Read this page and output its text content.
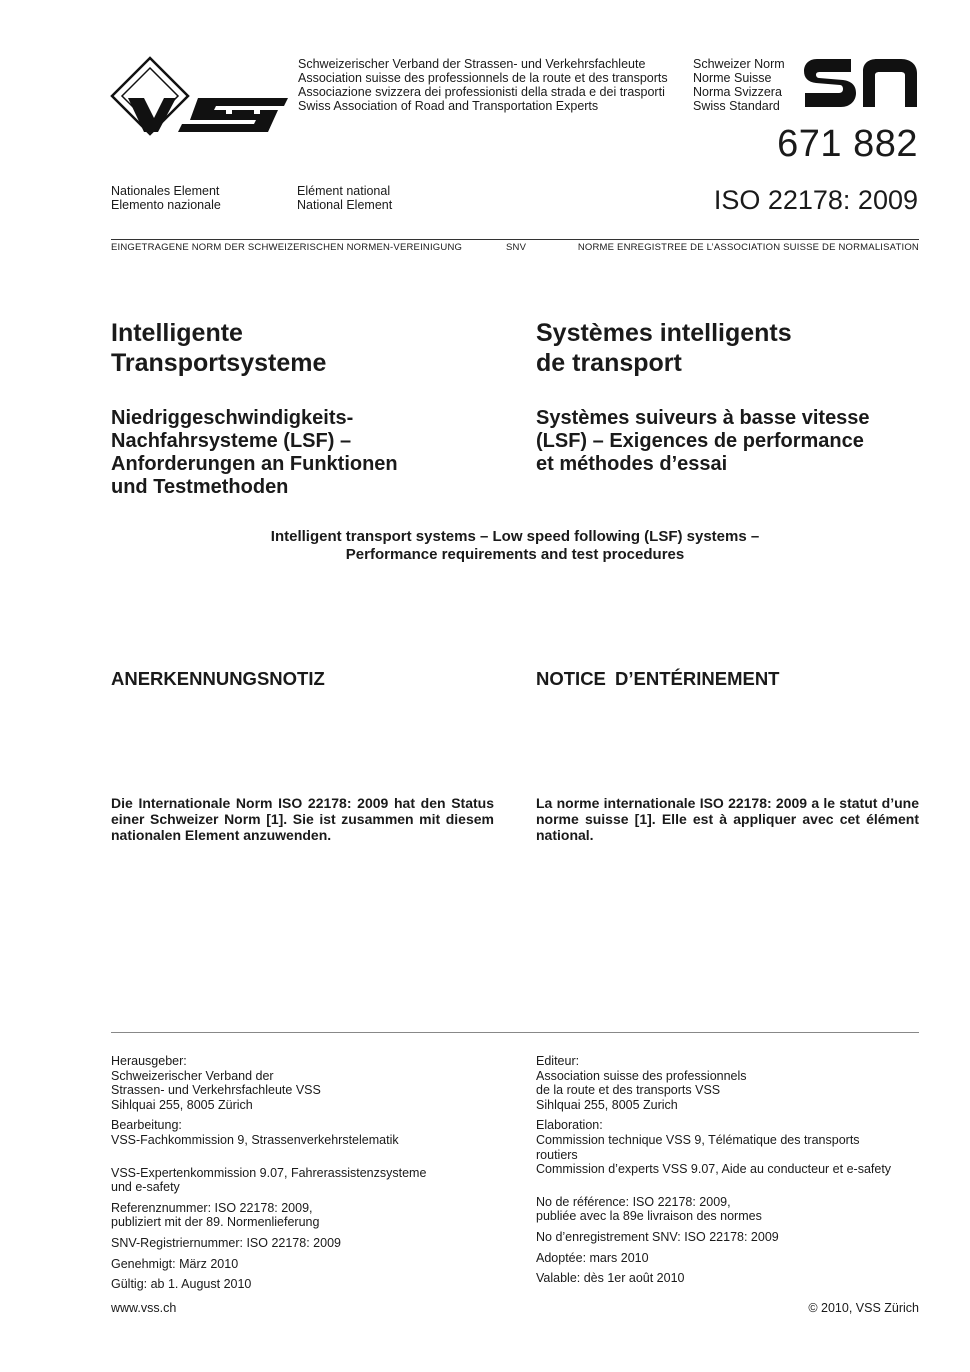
Schweizerischer Verband der Strassen- und Verkehrsfachleute
Association suisse des professionnels de la route et des transports
Associazione svizzera dei professionisti della strada e dei trasporti
Swiss Association of Road and Transportation Experts
Schweizer Norm
Norme Suisse
Norma Svizzera
Swiss Standard
671 882
ISO 22178: 2009
Nationales Element
Elemento nazionale
Elément national
National Element
EINGETRAGENE NORM DER SCHWEIZERISCHEN NORMEN-VEREINIGUNG	SNV	NORME ENREGISTREE DE L’ASSOCIATION SUISSE DE NORMALISATION
Intelligente
Transportsysteme
Systèmes intelligents
de transport
Niedriggeschwindigkeits-
Nachfahrsysteme (LSF) –
Anforderungen an Funktionen
und Testmethoden
Systèmes suiveurs à basse vitesse
(LSF) – Exigences de performance
et méthodes d’essai
Intelligent transport systems – Low speed following (LSF) systems –
Performance requirements and test procedures
ANERKENNUNGSNOTIZ	NOTICE D’ENTÉRINEMENT
Die Internationale Norm ISO 22178: 2009 hat den Status einer Schweizer Norm [1]. Sie ist zusammen mit diesem nationalen Element anzuwenden.
La norme internationale ISO 22178: 2009 a le statut d’une norme suisse [1]. Elle est à appliquer avec cet élément national.
Herausgeber:
Schweizerischer Verband der
Strassen- und Verkehrsfachleute VSS
Sihlquai 255, 8005 Zürich
Bearbeitung:
VSS-Fachkommission 9, Strassenverkehrstelematik
VSS-Expertenkommission 9.07, Fahrerassistenzsysteme
und e-safety
Referenznummer: ISO 22178: 2009,
publiziert mit der 89. Normenlieferung
SNV-Registriernummer: ISO 22178: 2009
Genehmigt: März 2010
Gültig: ab 1. August 2010
Editeur:
Association suisse des professionnels
de la route et des transports VSS
Sihlquai 255, 8005 Zurich
Elaboration:
Commission technique VSS 9, Télématique des transports
routiers
Commission d’experts VSS 9.07, Aide au conducteur et e-safety
No de référence: ISO 22178: 2009,
publiée avec la 89e livraison des normes
No d’enregistrement SNV: ISO 22178: 2009
Adoptée: mars 2010
Valable: dès 1er août 2010
www.vss.ch	© 2010, VSS Zürich
